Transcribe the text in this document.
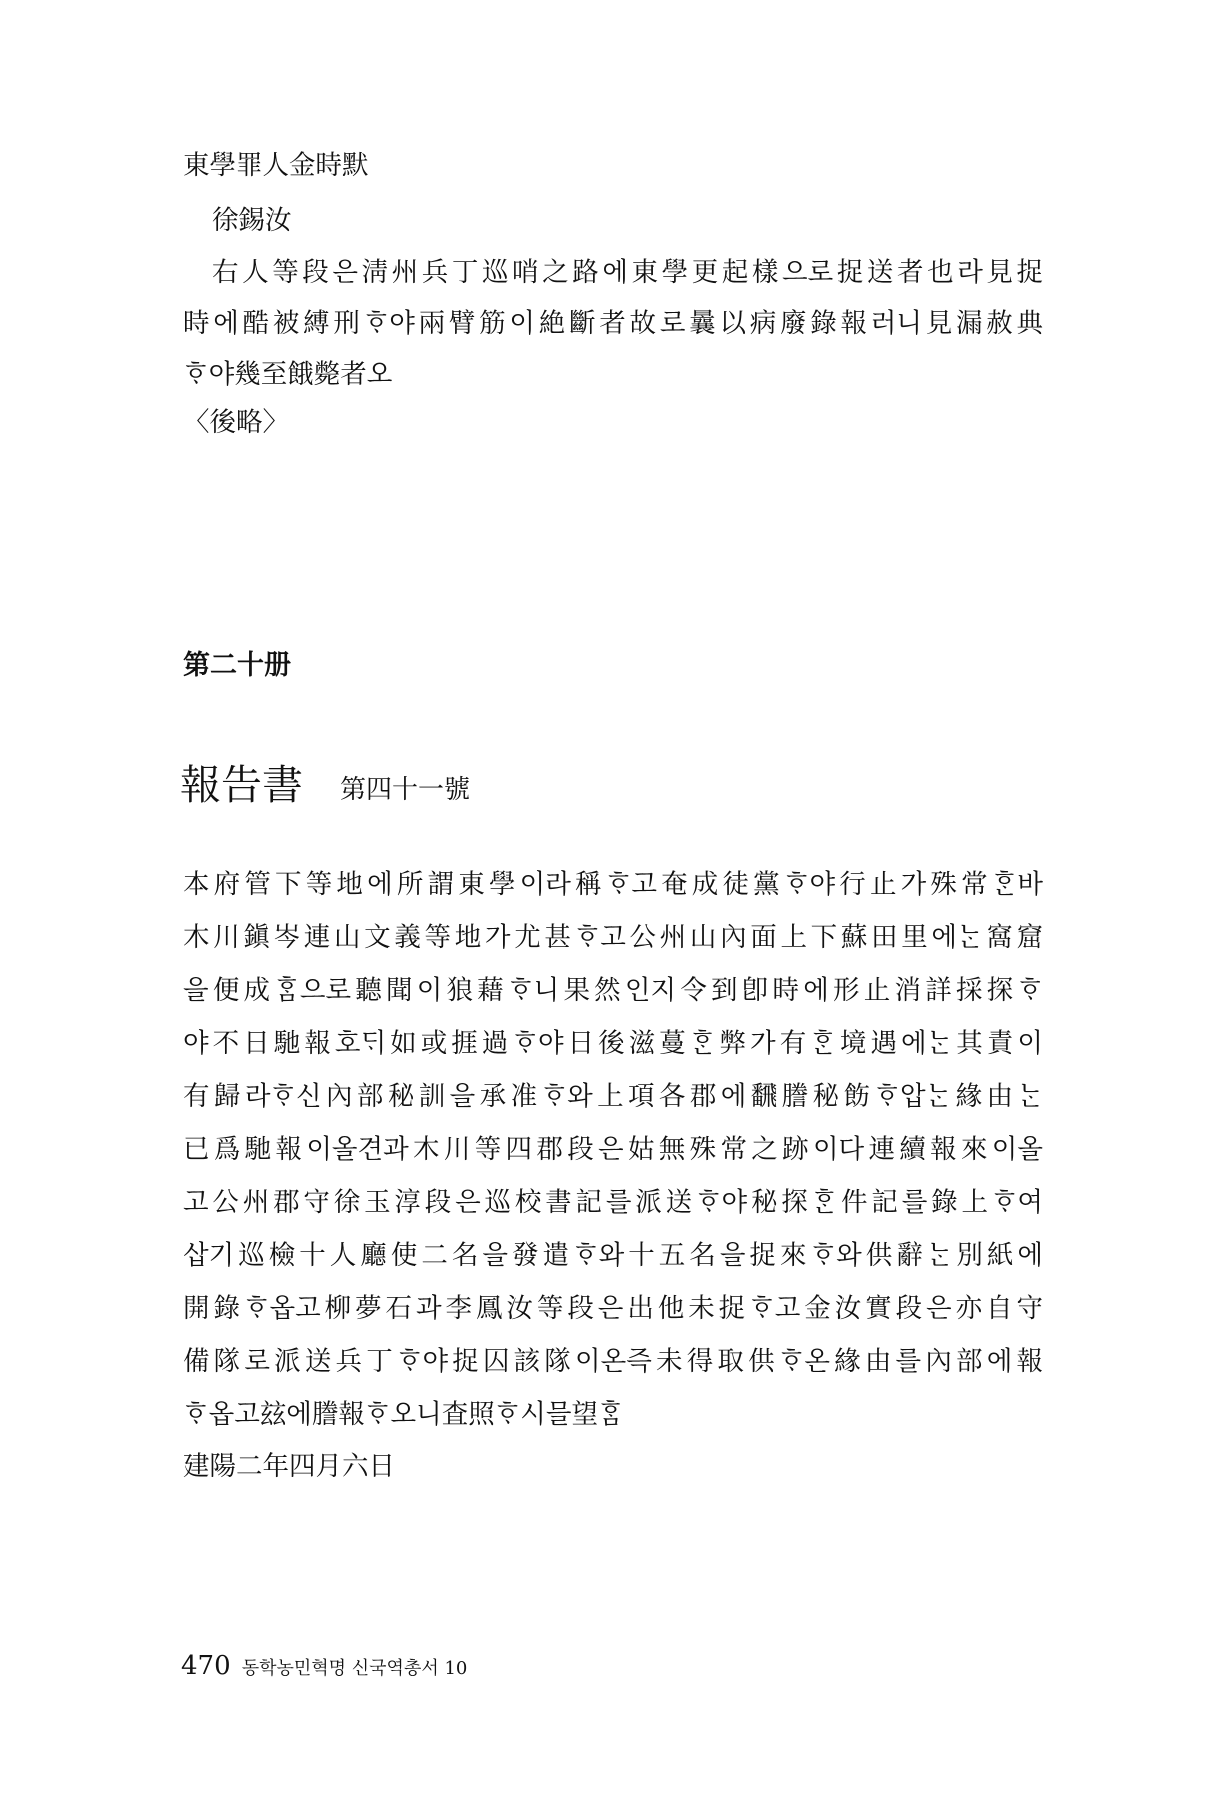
東學罪人金時默
徐錫汝
右人等段은淸州兵丁巡哨之路에東學更起樣으로捉送者也라見捉
時에酷被縛刑ᄒᆞ야兩臂筋이絶斷者故로曩以病廢錄報러니見漏赦典
ᄒᆞ야幾至餓斃者오
〈後略〉
第二十册
報告書 第四十一號
本府管下等地에所謂東學이라稱ᄒᆞ고奄成徒黨ᄒᆞ야行止가殊常ᄒᆞᆫ바
木川鎭岑連山文義等地가尤甚ᄒᆞ고公州山內面上下蘇田里에ᄂᆞᆫ窩窟
을便成ᄒᆞᆷ으로聽聞이狼藉ᄒᆞ니果然인지令到卽時에形止消詳採探ᄒᆞ
야不日馳報호ᄃᆡ如或捱過ᄒᆞ야日後滋蔓ᄒᆞᆫ弊가有ᄒᆞᆫ境遇에ᄂᆞᆫ其責이
有歸라ᄒᆞ신內部秘訓을承准ᄒᆞ와上項各郡에飜謄秘飭ᄒᆞ압ᄂᆞᆫ緣由ᄂᆞᆫ
已爲馳報이올견과木川等四郡段은姑無殊常之跡이다連續報來이올
고公州郡守徐玉淳段은巡校書記를派送ᄒᆞ야秘探ᄒᆞᆫ件記를錄上ᄒᆞ여
삽기巡檢十人廳使二名을發遣ᄒᆞ와十五名을捉來ᄒᆞ와供辭ᄂᆞᆫ別紙에
開錄ᄒᆞ옵고柳夢石과李鳳汝等段은出他未捉ᄒᆞ고金汝實段은亦自守
備隊로派送兵丁ᄒᆞ야捉囚該隊이온즉未得取供ᄒᆞ온緣由를內部에報
ᄒᆞ옵고玆에謄報ᄒᆞ오니査照ᄒᆞ시믈望ᄒᆞᆷ
建陽二年四月六日
470 동학농민혁명 신국역총서 10
